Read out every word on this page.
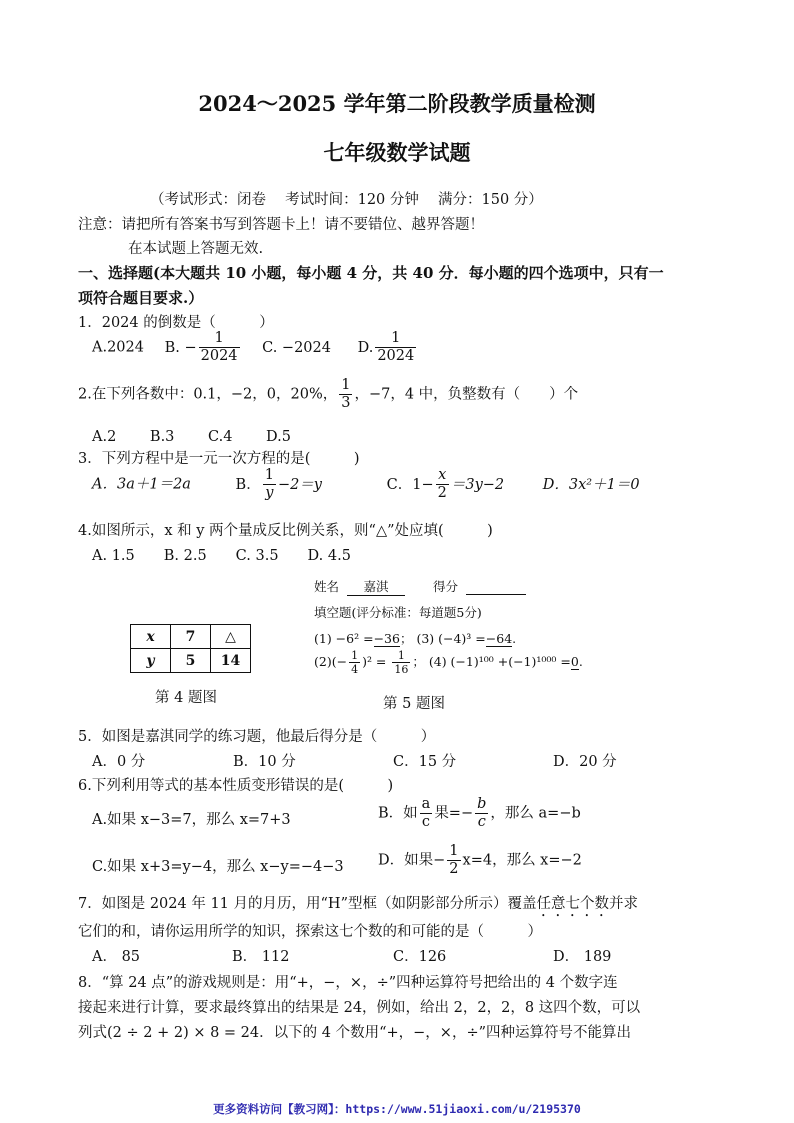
2024～2025 学年第二阶段教学质量检测
七年级数学试题
（考试形式：闭卷　 考试时间：120 分钟　 满分：150 分）
注意：请把所有答案书写到答题卡上！请不要错位、越界答题！
在本试题上答题无效.
一、选择题(本大题共 10 小题，每小题 4 分，共 40 分．每小题的四个选项中，只有一
项符合题目要求.）
1．2024 的倒数是（　　　）
A.2024 B. − $\frac{1}{2024} C$. −2024 D. $\frac{1}{2024}$
2.在下列各数中：0.1，−2，0，20%， $\frac{1}{3}$ ，−7，4 中，负整数有（　　）个
A.2　　 B.3　　 C.4　　 D.5
3．下列方程中是一元一次方程的是(　　　)
A．3a＋1＝2a	B． $\frac{1}{y} -2=y$	C．$1- \frac{x}{2} =3y-2$	D．3x²＋1＝0
4.如图所示，x 和 y 两个量成反比例关系，则“△”处应填(　　　)
A. 1.5　　B. 2.5　　C. 3.5　　D. 4.5
x	7	△
y	5	14
第 4 题图
姓名 嘉淇	得分
填空题(评分标准：每道题5分)
(1) −6² =−36； (3) (−4)³ =−64.
$(2)(- \frac{1}{4} )^2 = \frac{1}{16}$ ； (4) (−1)¹⁰⁰ +(−1)¹⁰⁰⁰ =0.
第 5 题图
5．如图是嘉淇同学的练习题，他最后得分是（　　　）
A．0 分	B．10 分	C．15 分	D．20 分
6.下列利用等式的基本性质变形错误的是(　　　)
A.如果 x−3=7，那么 x=7+3	B．如 $\frac{a}{c}$ 果=− $\frac{b}{c}$ ，那么 a=−b
C.如果 x+3=y−4，那么 x−y=−4−3 D．如果− $\frac{1}{2} x=4$，那么 x=−2
7．如图是 2024 年 11 月的月历，用“H”型框（如阴影部分所示）覆盖任意七个数并求
它们的和，请你运用所学的知识，探索这七个数的和可能的是（　　　）
A． 85	B． 112	C．126	D． 189
8．“算 24 点”的游戏规则是：用“+，−，×，÷”四种运算符号把给出的 4 个数字连
接起来进行计算，要求最终算出的结果是 24，例如，给出 2，2，2，8 这四个数，可以
列式(2 ÷ 2 + 2) × 8 = 24．以下的 4 个数用“+，−，×，÷”四种运算符号不能算出
更多资料访问【教习网】：https://www.51jiaoxi.com/u/2195370
